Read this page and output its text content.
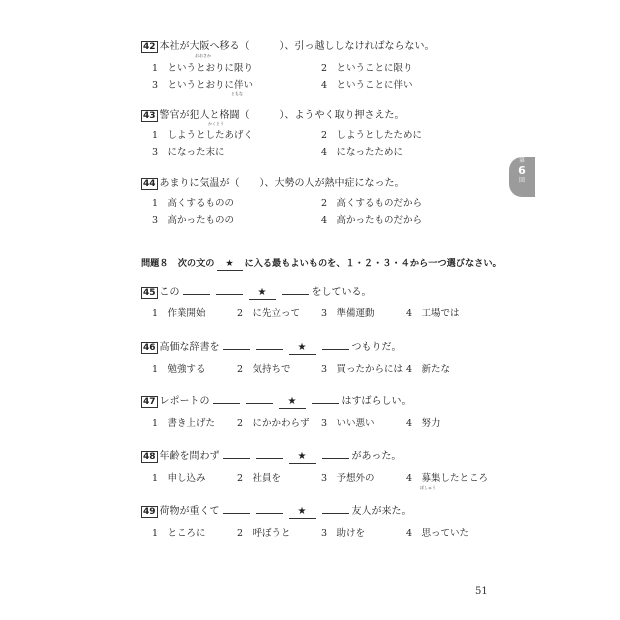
42 本社が大阪へ移る（　　　）、引っ越ししなければならない。
おおさか
1　というとおりに限り	2　ということに限り
3　というとおりに伴い
ともな
4　ということに伴い
43 警官が犯人と格闘（　　　）、ようやく取り押さえた。
かくとう
1　しようとしたあげく	2　しようとしたために
3　になった末に	4　になったために
44 あまりに気温が（　　）、大勢の人が熱中症になった。
1　高くするものの	2　高くするものだから
3　高かったものの	4　高かったものだから
問題８　次の文の ★ に入る最もよいものを、１・２・３・４から一つ選びなさい。
45 この	★	をしている。
1　作業開始	2　に先立って 3　準備運動	4　工場では
46 高価な辞書を	★	つもりだ。
1　勉強する	2　気持ちで	3　買ったからには 4　新たな
47 レポートの	★	はすばらしい。
1　書き上げた 2　にかかわらず 3　いい悪い	4　努力
48 年齢を問わず	★	があった。
1　申し込み	2　社員を	3　予想外の	4　募集したところ
ぼしゅう
49 荷物が重くて	★	友人が来た。
1　ところに	2　呼ぼうと	3　助けを	4　思っていた
第
6
回
51
